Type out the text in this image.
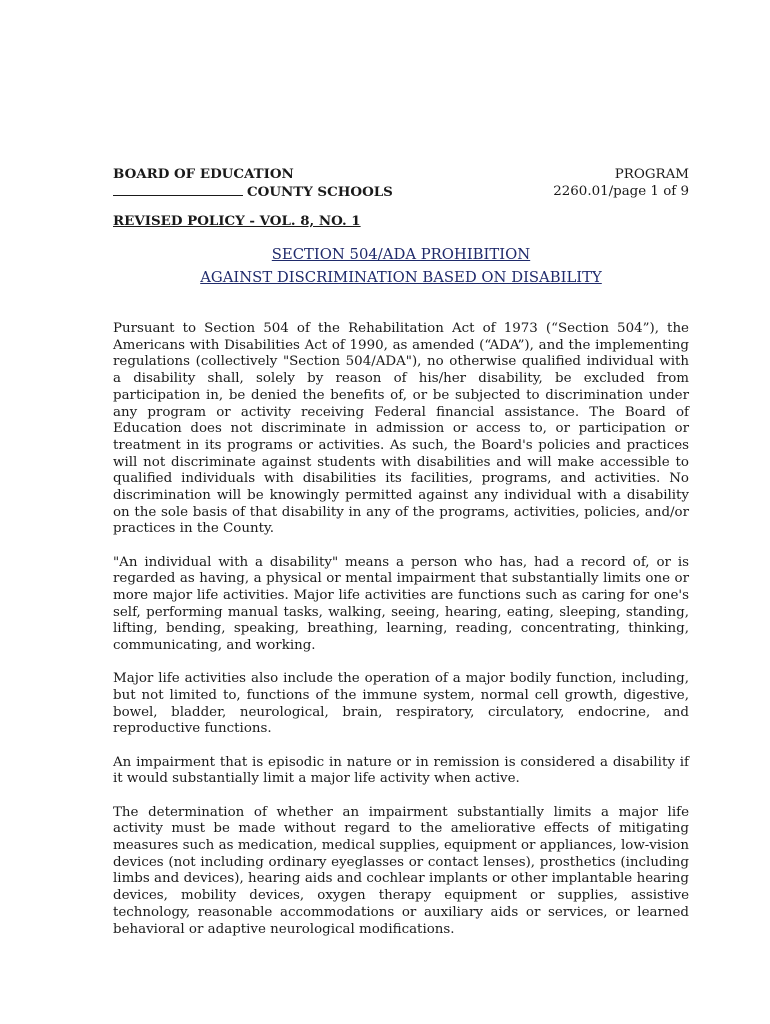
BOARD OF EDUCATION	PROGRAM
COUNTY SCHOOLS	2260.01/page 1 of 9
REVISED POLICY - VOL. 8, NO. 1
SECTION 504/ADA PROHIBITION
AGAINST DISCRIMINATION BASED ON DISABILITY

Pursuant to Section 504 of the Rehabilitation Act of 1973 (“Section 504”), the Americans with Disabilities Act of 1990, as amended (“ADA”), and the implementing regulations (collectively "Section 504/ADA"), no otherwise qualified individual with a disability shall, solely by reason of his/her disability, be excluded from participation in, be denied the benefits of, or be subjected to discrimination under any program or activity receiving Federal financial assistance. The Board of Education does not discriminate in admission or access to, or participation or treatment in its programs or activities. As such, the Board's policies and practices will not discriminate against students with disabilities and will make accessible to qualified individuals with disabilities its facilities, programs, and activities. No discrimination will be knowingly permitted against any individual with a disability on the sole basis of that disability in any of the programs, activities, policies, and/or practices in the County.

"An individual with a disability" means a person who has, had a record of, or is regarded as having, a physical or mental impairment that substantially limits one or more major life activities. Major life activities are functions such as caring for one's self, performing manual tasks, walking, seeing, hearing, eating, sleeping, standing, lifting, bending, speaking, breathing, learning, reading, concentrating, thinking, communicating, and working.

Major life activities also include the operation of a major bodily function, including, but not limited to, functions of the immune system, normal cell growth, digestive, bowel, bladder, neurological, brain, respiratory, circulatory, endocrine, and reproductive functions.

An impairment that is episodic in nature or in remission is considered a disability if it would substantially limit a major life activity when active.

The determination of whether an impairment substantially limits a major life activity must be made without regard to the ameliorative effects of mitigating measures such as medication, medical supplies, equipment or appliances, low-vision devices (not including ordinary eyeglasses or contact lenses), prosthetics (including limbs and devices), hearing aids and cochlear implants or other implantable hearing devices, mobility devices, oxygen therapy equipment or supplies, assistive technology, reasonable accommodations or auxiliary aids or services, or learned behavioral or adaptive neurological modifications.
